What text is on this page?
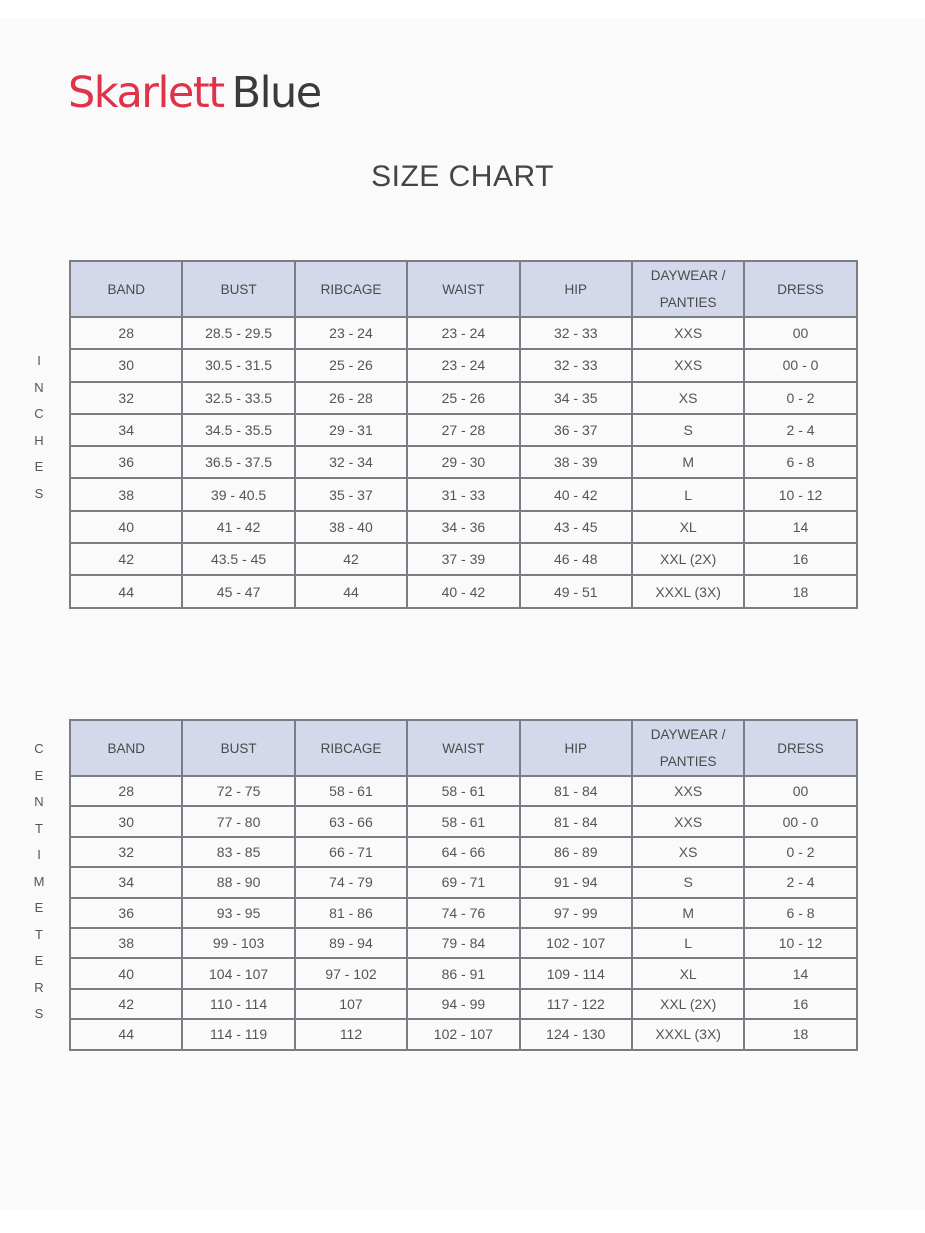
Skarlett Blue
SIZE CHART
I
N
C
H
E
S
BAND	BUST	RIBCAGE	WAIST	HIP	DAYWEAR / PANTIES	DRESS
28	28.5 - 29.5	23 - 24	23 - 24	32 - 33	XXS	00
30	30.5 - 31.5	25 - 26	23 - 24	32 - 33	XXS	00 - 0
32	32.5 - 33.5	26 - 28	25 - 26	34 - 35	XS	0 - 2
34	34.5 - 35.5	29 - 31	27 - 28	36 - 37	S	2 - 4
36	36.5 - 37.5	32 - 34	29 - 30	38 - 39	M	6 - 8
38	39 - 40.5	35 - 37	31 - 33	40 - 42	L	10 - 12
40	41 - 42	38 - 40	34 - 36	43 - 45	XL	14
42	43.5 - 45	42	37 - 39	46 - 48	XXL (2X)	16
44	45 - 47	44	40 - 42	49 - 51	XXXL (3X)	18
C
E
N
T
I
M
E
T
E
R
S
BAND	BUST	RIBCAGE	WAIST	HIP	DAYWEAR / PANTIES	DRESS
28	72 - 75	58 - 61	58 - 61	81 - 84	XXS	00
30	77 - 80	63 - 66	58 - 61	81 - 84	XXS	00 - 0
32	83 - 85	66 - 71	64 - 66	86 - 89	XS	0 - 2
34	88 - 90	74 - 79	69 - 71	91 - 94	S	2 - 4
36	93 - 95	81 - 86	74 - 76	97 - 99	M	6 - 8
38	99 - 103	89 - 94	79 - 84	102 - 107	L	10 - 12
40	104 - 107	97 - 102	86 - 91	109 - 114	XL	14
42	110 - 114	107	94 - 99	117 - 122	XXL (2X)	16
44	114 - 119	112	102 - 107	124 - 130	XXXL (3X)	18
